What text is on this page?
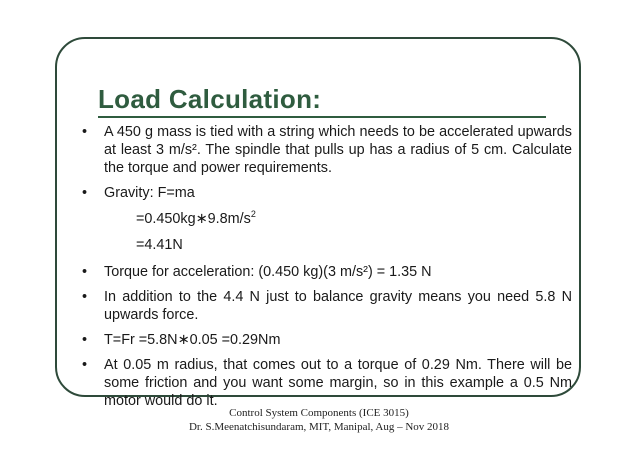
Load Calculation:
• A 450 g mass is tied with a string which needs to be accelerated upwards at least 3 m/s². The spindle that pulls up has a radius of 5 cm. Calculate the torque and power requirements.
• Gravity: F=ma
$=0.450kg∗9.8m/s^2$
=4.41N
• Torque for acceleration: (0.450 kg)(3 m/s²) = 1.35 N
• In addition to the 4.4 N just to balance gravity means you need 5.8 N upwards force.
• T=Fr =5.8N∗0.05 =0.29Nm
• At 0.05 m radius, that comes out to a torque of 0.29 Nm. There will be some friction and you want some margin, so in this example a 0.5 Nm motor would do it.
Control System Components (ICE 3015)
Dr. S.Meenatchisundaram, MIT, Manipal, Aug – Nov 2018
